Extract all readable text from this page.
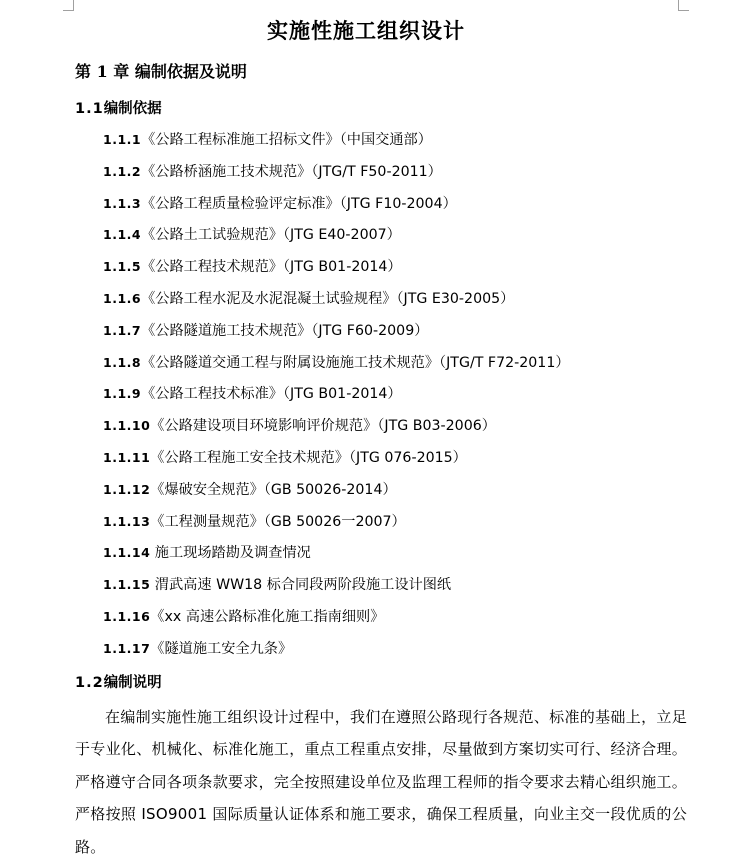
实施性施工组织设计
第 1 章 编制依据及说明
1.1编制依据
1.1.1《公路工程标准施工招标文件》（中国交通部）
1.1.2《公路桥涵施工技术规范》（JTG/T F50-2011）
1.1.3《公路工程质量检验评定标准》（JTG F10-2004）
1.1.4《公路土工试验规范》（JTG E40-2007）
1.1.5《公路工程技术规范》（JTG B01-2014）
1.1.6《公路工程水泥及水泥混凝土试验规程》（JTG E30-2005）
1.1.7《公路隧道施工技术规范》（JTG F60-2009）
1.1.8《公路隧道交通工程与附属设施施工技术规范》（JTG/T F72-2011）
1.1.9《公路工程技术标准》（JTG B01-2014）
1.1.10《公路建设项目环境影响评价规范》（JTG B03-2006）
1.1.11《公路工程施工安全技术规范》（JTG 076-2015）
1.1.12《爆破安全规范》（GB 50026-2014）
1.1.13《工程测量规范》（GB 50026一2007）
1.1.14 施工现场踏勘及调查情况
1.1.15 渭武高速 WW18 标合同段两阶段施工设计图纸
1.1.16《xx 高速公路标准化施工指南细则》
1.1.17《隧道施工安全九条》
1.2编制说明

在编制实施性施工组织设计过程中，我们在遵照公路现行各规范、标准的基础上，立足于专业化、机械化、标准化施工，重点工程重点安排，尽量做到方案切实可行、经济合理。严格遵守合同各项条款要求，完全按照建设单位及监理工程师的指令要求去精心组织施工。严格按照 ISO9001 国际质量认证体系和施工要求，确保工程质量，向业主交一段优质的公路。
